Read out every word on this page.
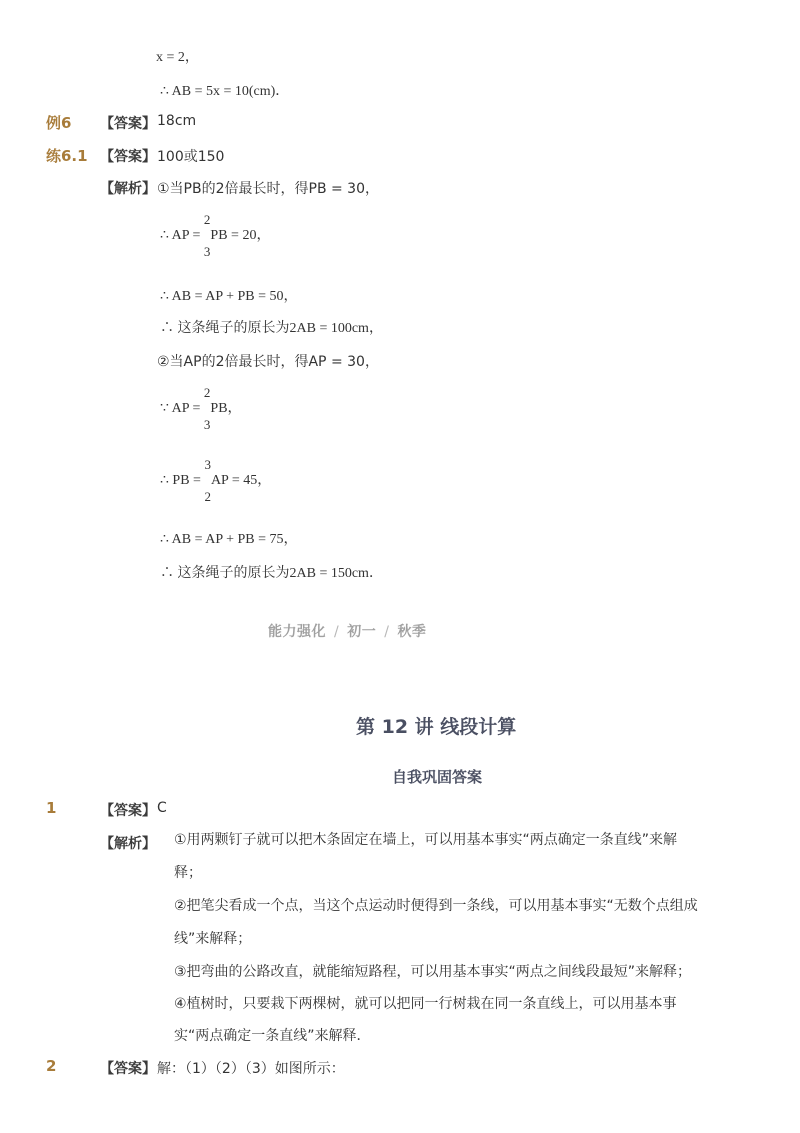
x = 2，
∴ AB = 5x = 10(cm)．
例6 【答案】 18cm
练6.1 【答案】 100或150
【解析】 ①当PB的2倍最长时，得PB = 30，
∴ AP =
2
3
PB = 20，
∴ AB = AP + PB = 50，
∴ 这条绳子的原长为2AB = 100cm，
②当AP的2倍最长时，得AP = 30，
∵ AP =
2
3
PB，
∴ PB =
3
2
AP = 45，
∴ AB = AP + PB = 75，
∴ 这条绳子的原长为2AB = 150cm．
能力强化 / 初一 / 秋季
第 12 讲 线段计算
自我巩固答案
1	【答案】 C
【解析】 ①用两颗钉子就可以把木条固定在墙上，可以用基本事实“两点确定一条直线”来解
释；
②把笔尖看成一个点，当这个点运动时便得到一条线，可以用基本事实“无数个点组成
线”来解释；
③把弯曲的公路改直，就能缩短路程，可以用基本事实“两点之间线段最短”来解释；
④植树时，只要栽下两棵树，就可以把同一行树栽在同一条直线上，可以用基本事
实“两点确定一条直线”来解释．
2	【答案】 解：（1）（2）（3）如图所示：
